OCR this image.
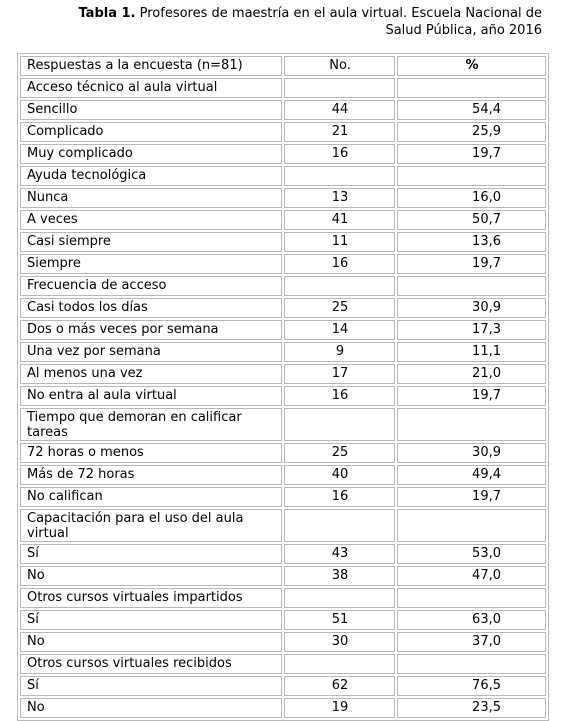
Tabla 1. Profesores de maestría en el aula virtual. Escuela Nacional de Salud Pública, año 2016
Respuestas a la encuesta (n=81)	No.	%
Acceso técnico al aula virtual		
Sencillo	44	54,4
Complicado	21	25,9
Muy complicado	16	19,7
Ayuda tecnológica		
Nunca	13	16,0
A veces	41	50,7
Casi siempre	11	13,6
Siempre	16	19,7
Frecuencia de acceso		
Casi todos los días	25	30,9
Dos o más veces por semana	14	17,3
Una vez por semana	9	11,1
Al menos una vez	17	21,0
No entra al aula virtual	16	19,7
Tiempo que demoran en calificar tareas		
72 horas o menos	25	30,9
Más de 72 horas	40	49,4
No califican	16	19,7
Capacitación para el uso del aula virtual		
Sí	43	53,0
No	38	47,0
Otros cursos virtuales impartidos		
Sí	51	63,0
No	30	37,0
Otros cursos virtuales recibidos		
Sí	62	76,5
No	19	23,5
